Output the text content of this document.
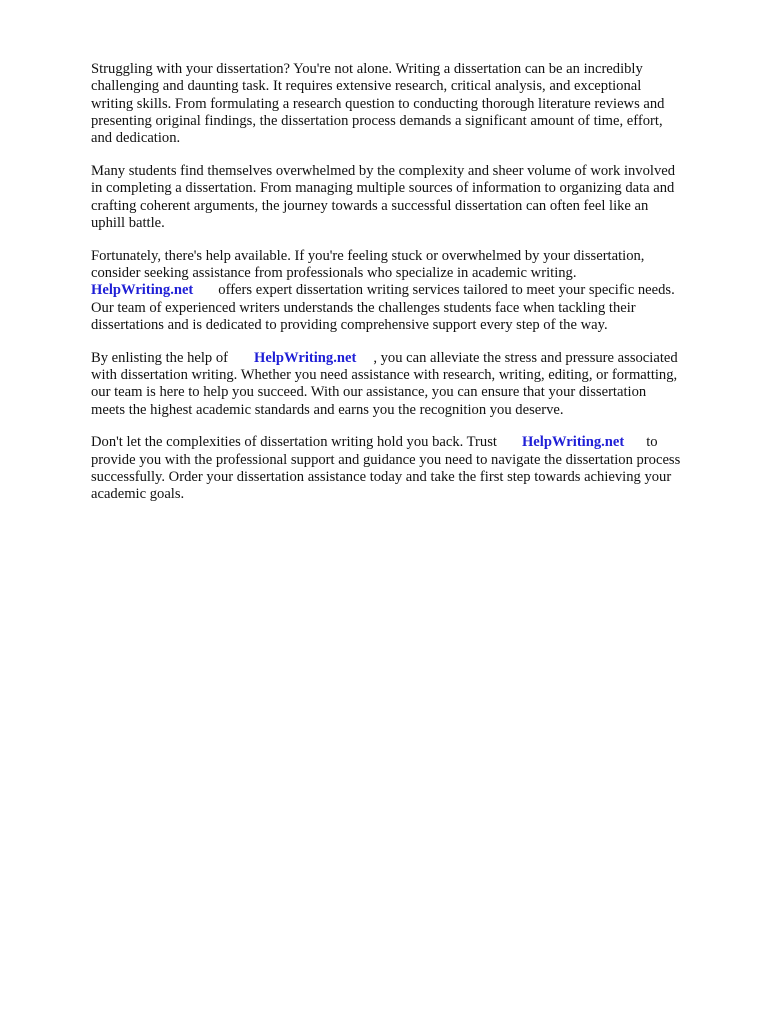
Struggling with your dissertation? You're not alone. Writing a dissertation can be an incredibly
challenging and daunting task. It requires extensive research, critical analysis, and exceptional
writing skills. From formulating a research question to conducting thorough literature reviews and
presenting original findings, the dissertation process demands a significant amount of time, effort,
and dedication.

Many students find themselves overwhelmed by the complexity and sheer volume of work involved
in completing a dissertation. From managing multiple sources of information to organizing data and
crafting coherent arguments, the journey towards a successful dissertation can often feel like an
uphill battle.

Fortunately, there's help available. If you're feeling stuck or overwhelmed by your dissertation,
consider seeking assistance from professionals who specialize in academic writing.
HelpWriting.net offers expert dissertation writing services tailored to meet your specific needs.
Our team of experienced writers understands the challenges students face when tackling their
dissertations and is dedicated to providing comprehensive support every step of the way.

By enlisting the help of HelpWriting.net , you can alleviate the stress and pressure associated
with dissertation writing. Whether you need assistance with research, writing, editing, or formatting,
our team is here to help you succeed. With our assistance, you can ensure that your dissertation
meets the highest academic standards and earns you the recognition you deserve.

Don't let the complexities of dissertation writing hold you back. Trust HelpWriting.net to
provide you with the professional support and guidance you need to navigate the dissertation process
successfully. Order your dissertation assistance today and take the first step towards achieving your
academic goals.
